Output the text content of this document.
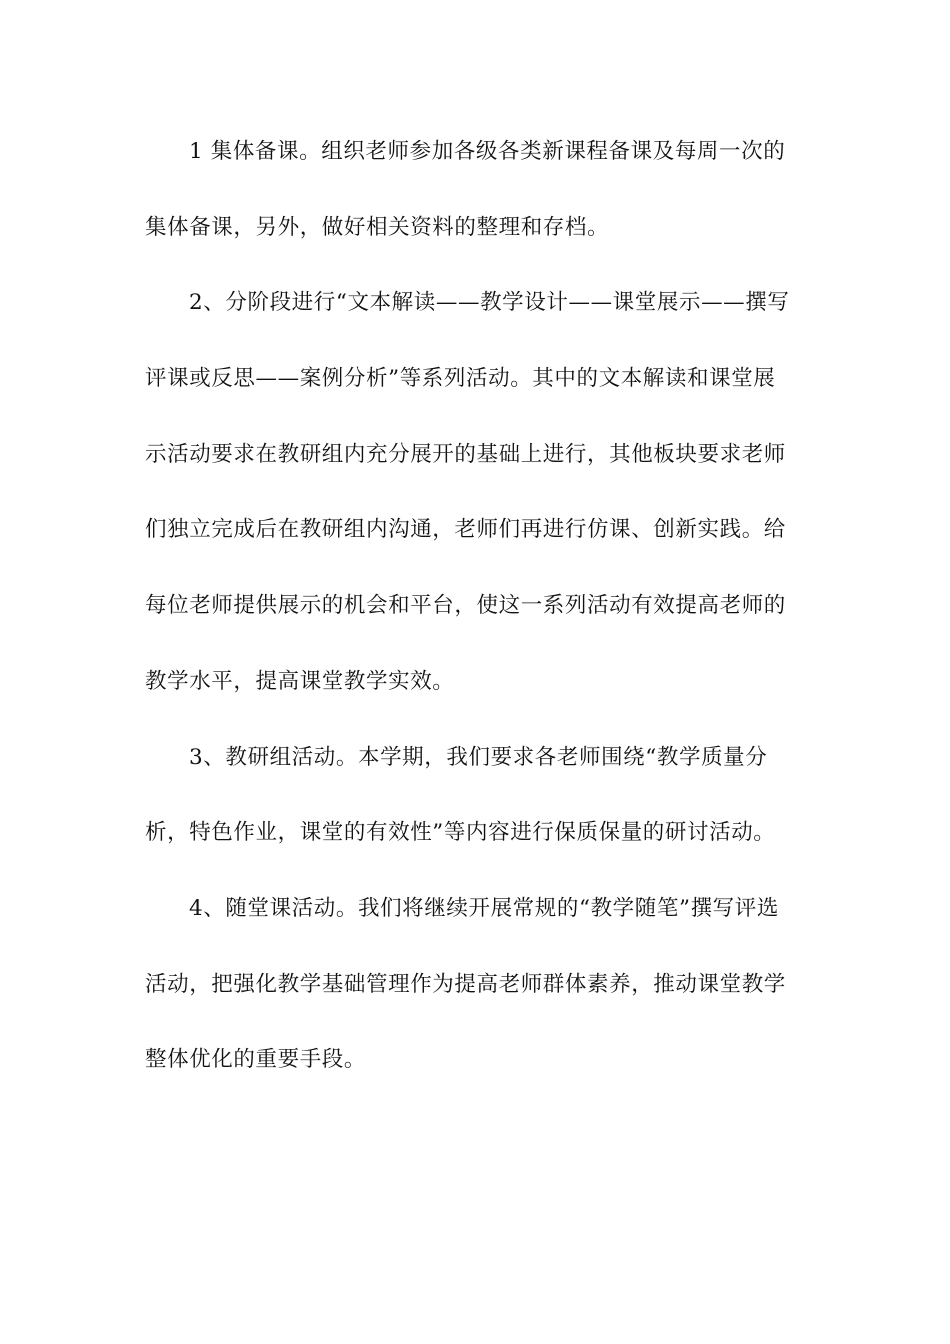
1 集体备课。组织老师参加各级各类新课程备课及每周一次的
集体备课，另外，做好相关资料的整理和存档。
2、分阶段进行“文本解读——教学设计——课堂展示——撰写
评课或反思——案例分析”等系列活动。其中的文本解读和课堂展
示活动要求在教研组内充分展开的基础上进行，其他板块要求老师
们独立完成后在教研组内沟通，老师们再进行仿课、创新实践。给
每位老师提供展示的机会和平台，使这一系列活动有效提高老师的
教学水平，提高课堂教学实效。
3、教研组活动。本学期，我们要求各老师围绕“教学质量分
析，特色作业，课堂的有效性”等内容进行保质保量的研讨活动。
4、随堂课活动。我们将继续开展常规的“教学随笔”撰写评选
活动，把强化教学基础管理作为提高老师群体素养，推动课堂教学
整体优化的重要手段。
